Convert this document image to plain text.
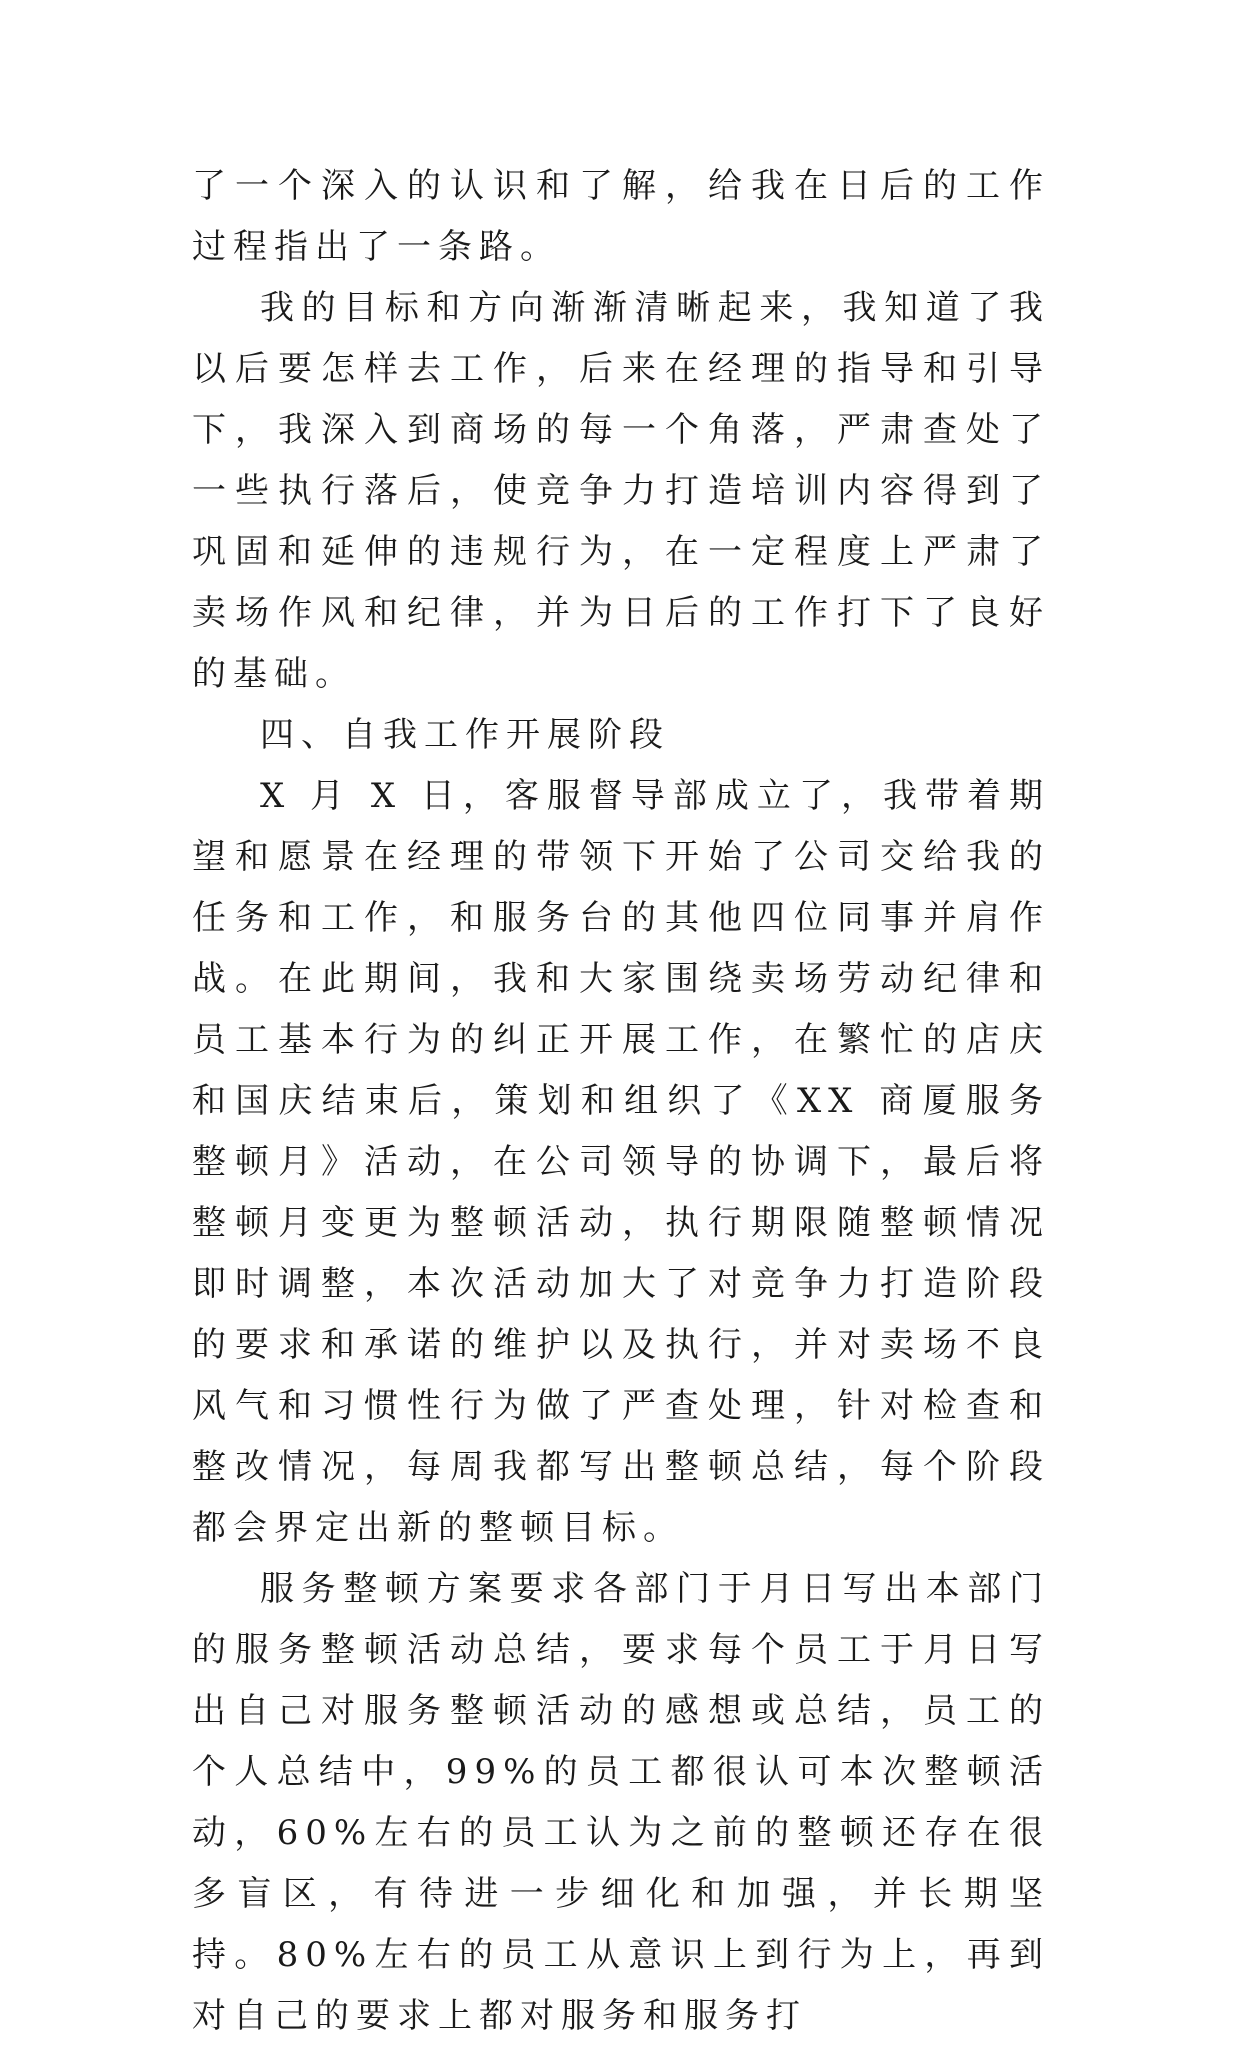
了一个深入的认识和了解，给我在日后的工作过程指出了一条路。

我的目标和方向渐渐清晰起来，我知道了我以后要怎样去工作，后来在经理的指导和引导下，我深入到商场的每一个角落，严肃查处了一些执行落后，使竞争力打造培训内容得到了巩固和延伸的违规行为，在一定程度上严肃了卖场作风和纪律，并为日后的工作打下了良好的基础。

四、自我工作开展阶段

X 月 X 日，客服督导部成立了，我带着期望和愿景在经理的带领下开始了公司交给我的任务和工作，和服务台的其他四位同事并肩作战。在此期间，我和大家围绕卖场劳动纪律和员工基本行为的纠正开展工作，在繁忙的店庆和国庆结束后，策划和组织了《XX 商厦服务整顿月》活动，在公司领导的协调下，最后将整顿月变更为整顿活动，执行期限随整顿情况即时调整，本次活动加大了对竞争力打造阶段的要求和承诺的维护以及执行，并对卖场不良风气和习惯性行为做了严查处理，针对检查和整改情况，每周我都写出整顿总结，每个阶段都会界定出新的整顿目标。

服务整顿方案要求各部门于月日写出本部门的服务整顿活动总结，要求每个员工于月日写出自己对服务整顿活动的感想或总结，员工的个人总结中，99%的员工都很认可本次整顿活动，60%左右的员工认为之前的整顿还存在很多盲区，有待进一步细化和加强，并长期坚持。80%左右的员工从意识上到行为上，再到对自己的要求上都对服务和服务打
